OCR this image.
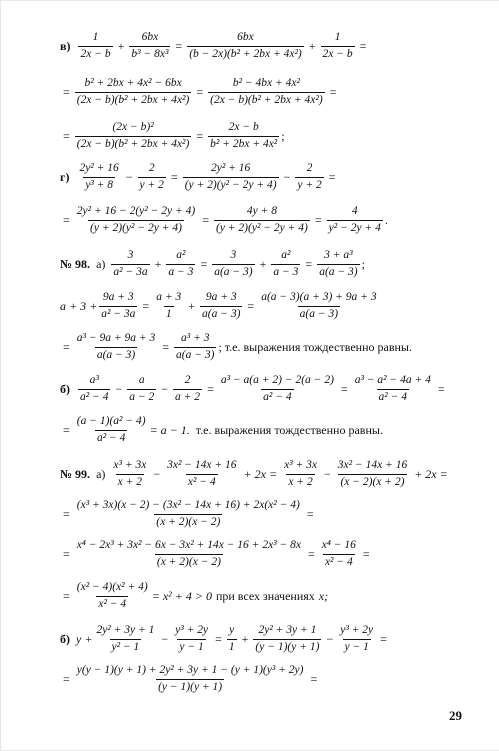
$в) \frac{1}{2x - b} + \frac{6bx}{\text{b³ − 8x³}} = \frac{6bx}{\text{(b − 2x)(b² + 2bx + 4x²)}} + \frac{1}{2x - b}$ =
= $\frac{\text{b² + 2bx + 4x² − 6bx}}{\text{(2x − b)(b² + 2bx + 4x²)}} = \frac{\text{b² − 4bx + 4x²}}{\text{(2x − b)(b² + 2bx + 4x²)}}$ =
= $\frac{\text{(2x − b)²}}{\text{(2x − b)(b² + 2bx + 4x²)}} = \frac{2x - b}{\text{b² + 2bx + 4x²}}$ ;
$г) \frac{\text{2y² + 16}}{\text{y³ + 8}} - \frac{2}{y + 2} = \frac{\text{2y² + 16}}{\text{(y + 2)(y² − 2y + 4)}} - \frac{2}{y + 2}$ =
= $\frac{\text{2y² + 16 − 2(y² − 2y + 4)}}{\text{(y + 2)(y² − 2y + 4)}} = \frac{4y + 8}{\text{(y + 2)(y² − 2y + 4)}} = \frac{4}{\text{y² − 2y + 4}}$ .
№ 98. $а) \frac{3}{\text{a² − 3a}} + \frac{\text{a²}}{a - 3} = \frac{3}{a(a - 3)} + \frac{\text{a²}}{a - 3} = \frac{\text{3 + a³}}{a(a - 3)}$ ;
$a + 3 + \frac{9a + 3}{\text{a² − 3a}} = \frac{a + 3}{1} + \frac{9a + 3}{a(a - 3)} = \frac{a(a - 3)(a + 3) + 9a + 3}{a(a - 3)}$
= $\frac{\text{a³ − 9a + 9a + 3}}{a(a - 3)} = \frac{\text{a³ + 3}}{a(a - 3)}$ ; т.е. выражения тождественно равны.
$б) \frac{\text{a³}}{\text{a² − 4}} - \frac{a}{a - 2} - \frac{2}{a + 2} = \frac{\text{a³ − a(a + 2) − 2(a − 2)}}{\text{a² − 4}} = \frac{\text{a³ − a² − 4a + 4}}{\text{a² − 4}}$ =
= $\frac{\text{(a − 1)(a² − 4)}}{\text{a² − 4}} = a - 1$. т.е. выражения тождественно равны.
№ 99. $а) \frac{\text{x³ + 3x}}{x + 2} - \frac{\text{3x² − 14x + 16}}{\text{x² − 4}} + 2x = \frac{\text{x³ + 3x}}{x + 2} - \frac{\text{3x² − 14x + 16}}{(x - 2)(x + 2)} + 2x$ =
= $\frac{\text{(x³ + 3x)(x − 2) − (3x² − 14x + 16) + 2x(x² − 4)}}{(x + 2)(x - 2)}$ =
= $\frac{\text{x⁴ − 2x³ + 3x² − 6x − 3x² + 14x − 16 + 2x³ − 8x}}{(x + 2)(x - 2)} = \frac{\text{x⁴ − 16}}{\text{x² − 4}}$ =
= $\frac{\text{(x² − 4)(x² + 4)}}{\text{x² − 4}} = x^2 + 4 > 0$ при всех значениях x;
б) $y + \frac{\text{2y² + 3y + 1}}{\text{y² − 1}} - \frac{\text{y³ + 2y}}{y - 1} = \frac{y}{1} + \frac{\text{2y² + 3y + 1}}{(y - 1)(y + 1)} - \frac{\text{y³ + 2y}}{y - 1}$ =
= $\frac{\text{y(y − 1)(y + 1) + 2y² + 3y + 1 − (y + 1)(y³ + 2y)}}{(y - 1)(y + 1)}$ =
29
